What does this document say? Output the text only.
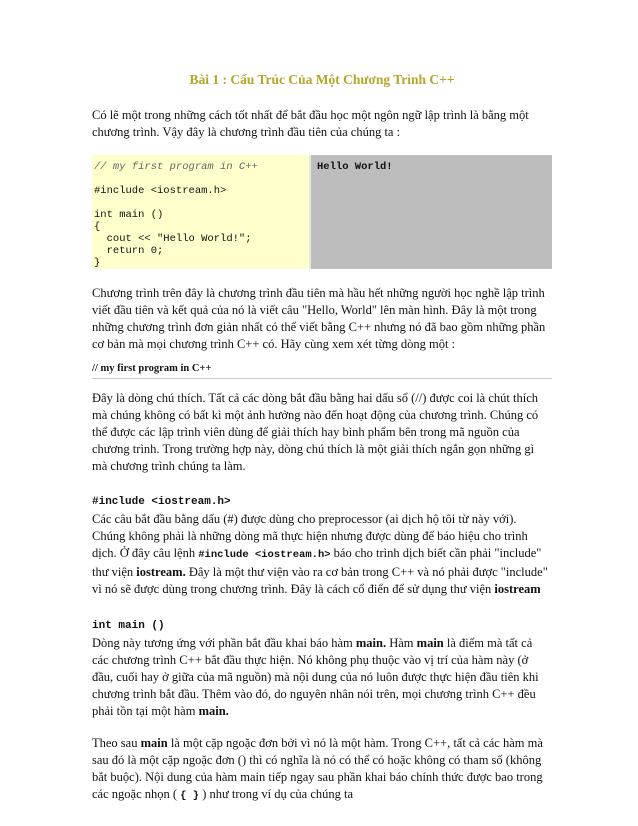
Bài 1 : Cấu Trúc Của Một Chương Trình C++

Có lẽ một trong những cách tốt nhất để bắt đầu học một ngôn ngữ lập trình là bằng một chương trình. Vậy đây là chương trình đầu tiên của chúng ta :

// my first program in C++
#include <iostream.h>
int main ()
{
cout << "Hello World!";
return 0;
}
	Hello World!

Chương trình trên đây là chương trình đầu tiên mà hầu hết những người học nghề lập trình viết đầu tiên và kết quả của nó là viết câu "Hello, World" lên màn hình. Đây là một trong những chương trình đơn giản nhất có thể viết bằng C++ nhưng nó đã bao gồm những phần cơ bản mà mọi chương trình C++ có. Hãy cùng xem xét từng dòng một :

// my first program in C++

Đây là dòng chú thích. Tất cả các dòng bắt đầu bằng hai dấu sổ (//) được coi là chút thích mà chúng không có bất kì một ảnh hưởng nào đến hoạt động của chương trình. Chúng có thể được các lập trình viên dùng để giải thích hay bình phẩm bên trong mã nguồn của chương trình. Trong trường hợp này, dòng chú thích là một giải thích ngắn gọn những gì mà chương trình chúng ta làm.

#include <iostream.h>
Các câu bắt đầu bằng dấu (#) được dùng cho preprocessor (ai dịch hộ tôi từ này với). Chúng không phải là những dòng mã thực hiện nhưng được dùng để báo hiệu cho trình dịch. Ở đây câu lệnh #include <iostream.h> báo cho trình dịch biết cần phải "include" thư viện iostream. Đây là một thư viện vào ra cơ bản trong C++ và nó phải được "include" vì nó sẽ được dùng trong chương trình. Đây là cách cổ điển để sử dụng thư viện iostream

int main ()
Dòng này tương ứng với phần bắt đầu khai báo hàm main. Hàm main là điểm mà tất cả các chương trình C++ bắt đầu thực hiện. Nó không phụ thuộc vào vị trí của hàm này (ở đầu, cuối hay ở giữa của mã nguồn) mà nội dung của nó luôn được thực hiện đầu tiên khi chương trình bắt đầu. Thêm vào đó, do nguyên nhân nói trên, mọi chương trình C++ đều phải tồn tại một hàm main.

Theo sau main là một cặp ngoặc đơn bởi vì nó là một hàm. Trong C++, tất cả các hàm mà sau đó là một cặp ngoặc đơn () thì có nghĩa là nó có thể có hoặc không có tham số (không bắt buộc). Nội dung của hàm main tiếp ngay sau phần khai báo chính thức được bao trong các ngoặc nhọn ( { } ) như trong ví dụ của chúng ta
